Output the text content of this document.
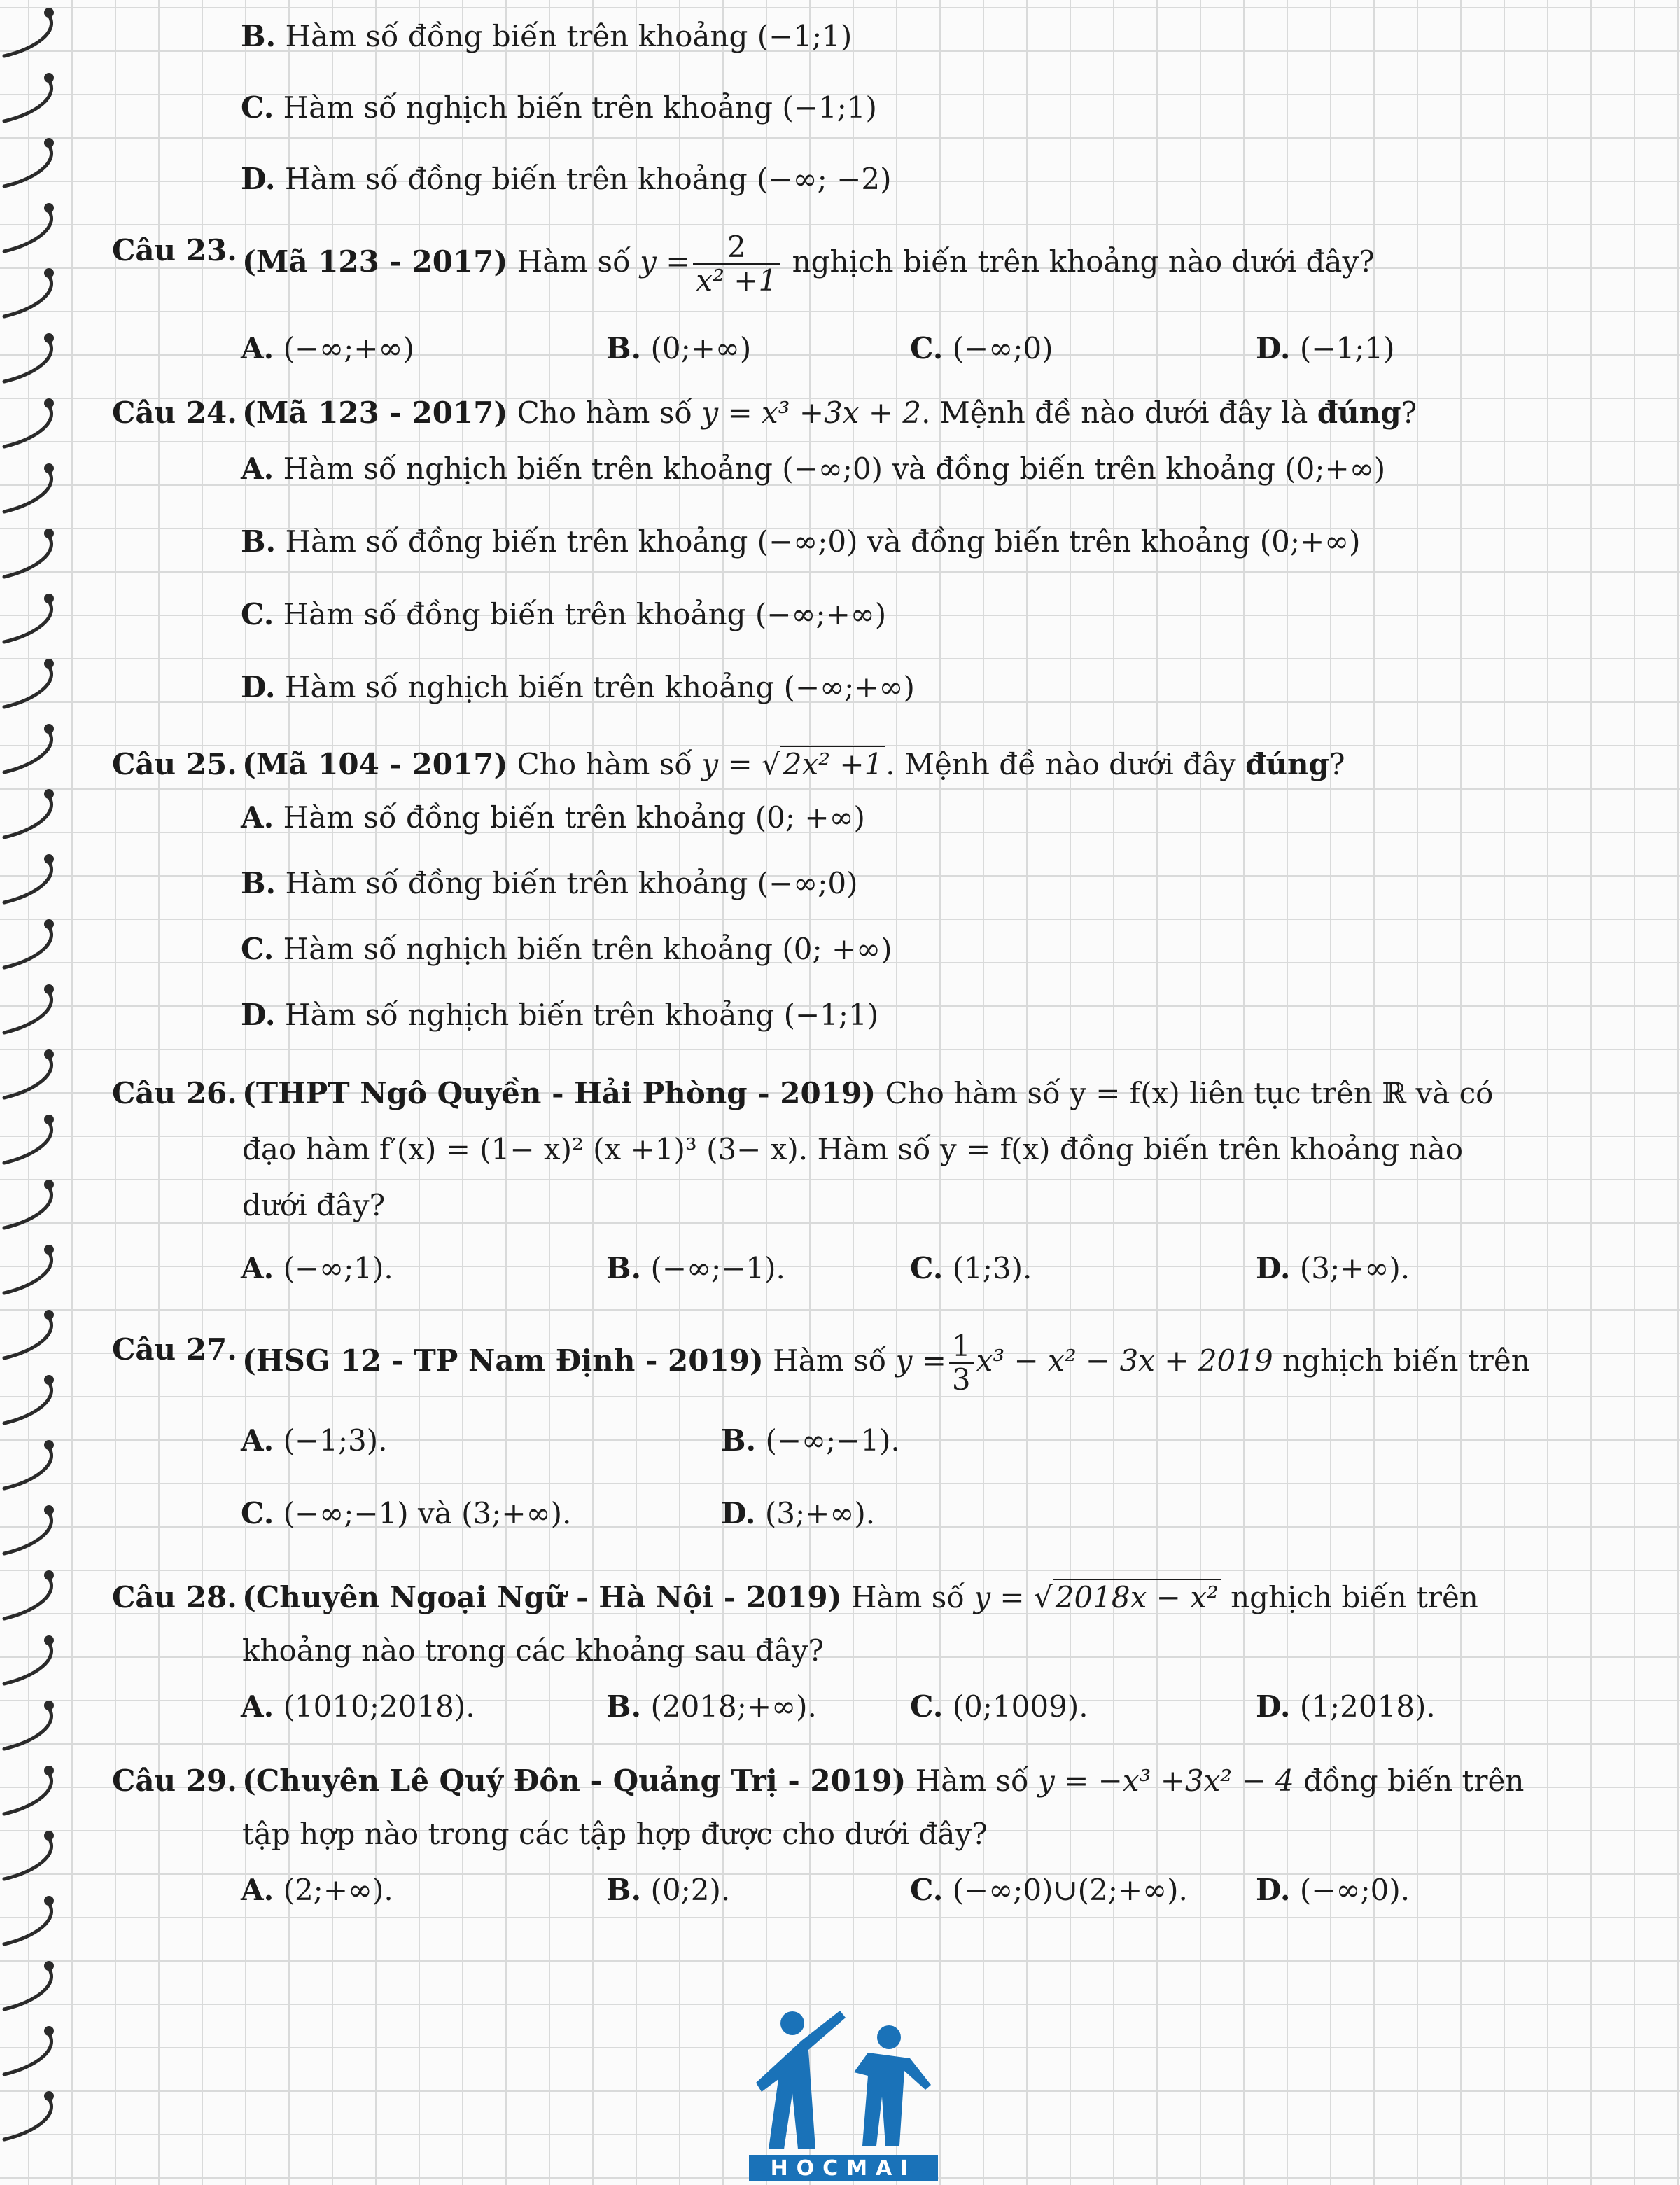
B. Hàm số đồng biến trên khoảng (−1;1)
C. Hàm số nghịch biến trên khoảng (−1;1)
D. Hàm số đồng biến trên khoảng (−∞; −2)
Câu 23. (Mã 123 - 2017) Hàm số $y = \frac{2}{\text{x² +1}}$ nghịch biến trên khoảng nào dưới đây?
A. (−∞;+∞)	B. (0;+∞)	C. (−∞;0)	D. (−1;1)
Câu 24. (Mã 123 - 2017) Cho hàm số y = x³ +3x + 2. Mệnh đề nào dưới đây là đúng?
A. Hàm số nghịch biến trên khoảng (−∞;0) và đồng biến trên khoảng (0;+∞)
B. Hàm số đồng biến trên khoảng (−∞;0) và đồng biến trên khoảng (0;+∞)
C. Hàm số đồng biến trên khoảng (−∞;+∞)
D. Hàm số nghịch biến trên khoảng (−∞;+∞)
Câu 25. (Mã 104 - 2017) Cho hàm số y = √2x² +1. Mệnh đề nào dưới đây đúng?
A. Hàm số đồng biến trên khoảng (0; +∞)
B. Hàm số đồng biến trên khoảng (−∞;0)
C. Hàm số nghịch biến trên khoảng (0; +∞)
D. Hàm số nghịch biến trên khoảng (−1;1)
Câu 26. (THPT Ngô Quyền - Hải Phòng - 2019) Cho hàm số y = f(x) liên tục trên ℝ và có đạo hàm f′(x) = (1− x)² (x +1)³ (3− x). Hàm số y = f(x) đồng biến trên khoảng nào dưới đây?
A. (−∞;1).	B. (−∞;−1).	C. (1;3).	D. (3;+∞).
Câu 27. (HSG 12 - TP Nam Định - 2019) Hàm số $y = \frac{1}{3} x^3 - x^2 - 3x + 2019$ nghịch biến trên
A. (−1;3).	B. (−∞;−1).
C. (−∞;−1) và (3;+∞).	D. (3;+∞).
Câu 28. (Chuyên Ngoại Ngữ - Hà Nội - 2019) Hàm số y = √2018x − x² nghịch biến trên khoảng nào trong các khoảng sau đây?
A. (1010;2018).	B. (2018;+∞).	C. (0;1009).	D. (1;2018).
Câu 29. (Chuyên Lê Quý Đôn - Quảng Trị - 2019) Hàm số y = −x³ +3x² − 4 đồng biến trên tập hợp nào trong các tập hợp được cho dưới đây?
A. (2;+∞).	B. (0;2).	C. (−∞;0)∪(2;+∞). D. (−∞;0).
HOCMAI
